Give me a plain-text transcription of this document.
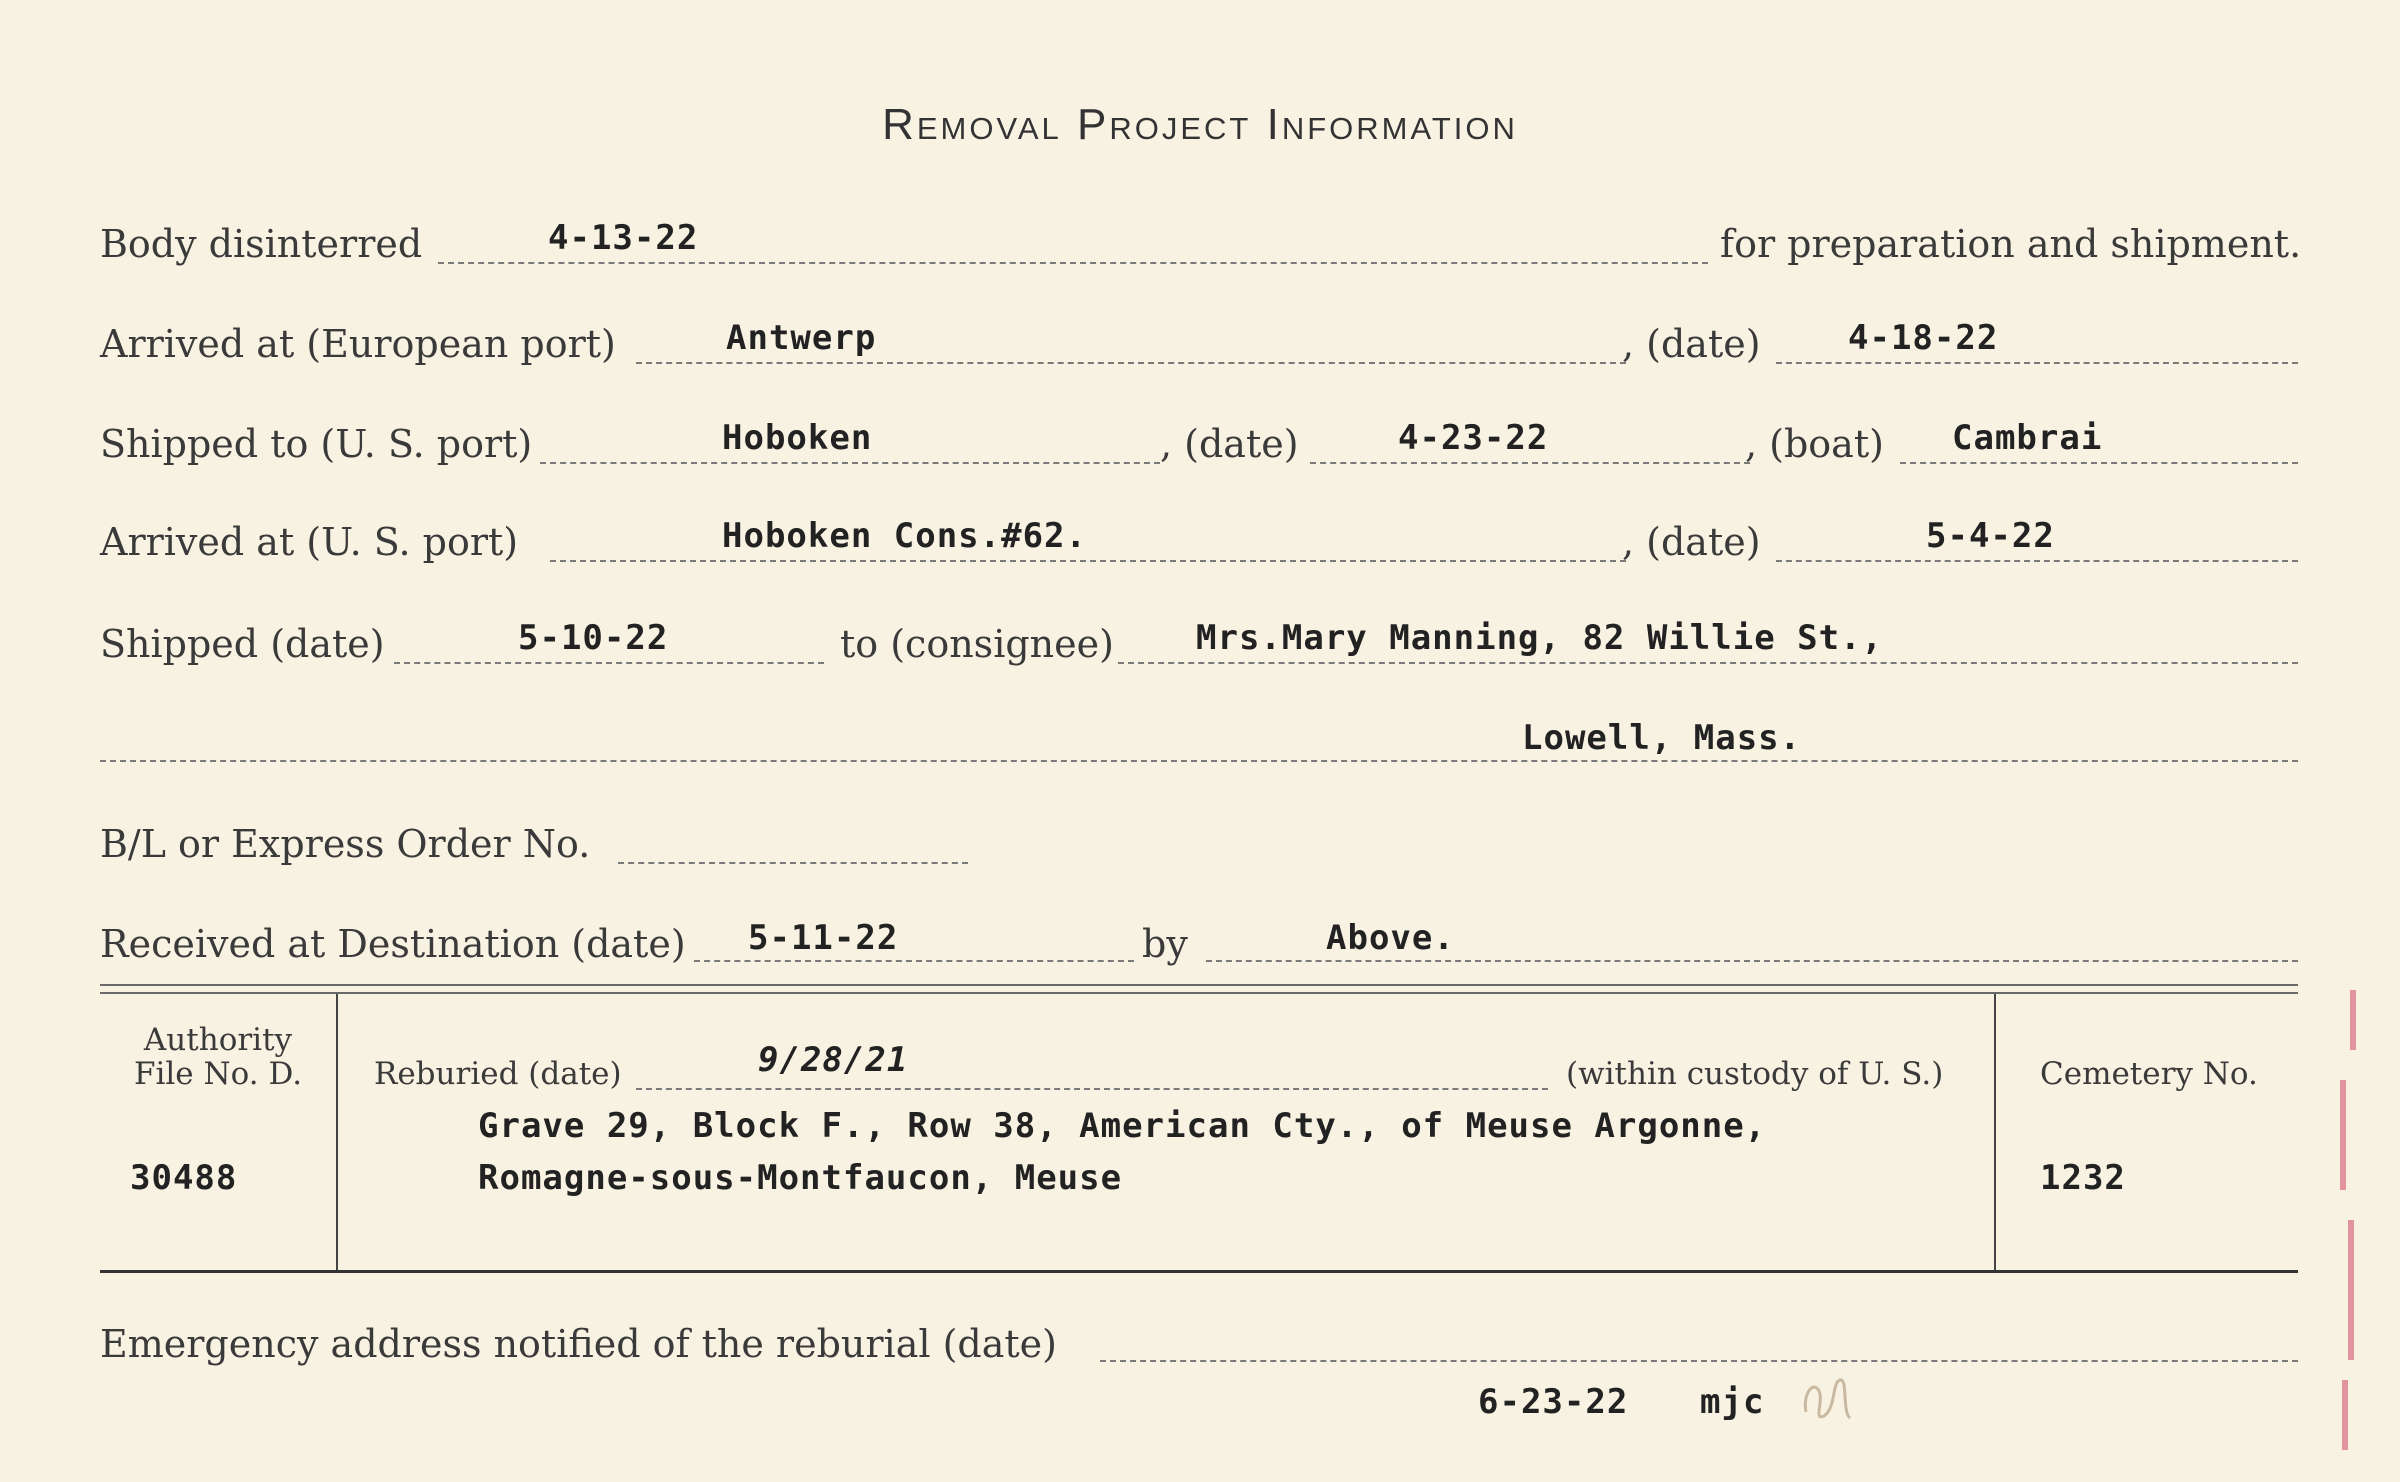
Removal Project Information
Body disinterred	4-13-22	for preparation and shipment.
Arrived at (European port)	Antwerp	, (date)	4-18-22
Shipped to (U. S. port)	Hoboken	, (date)	4-23-22	, (boat) Cambrai
Arrived at (U. S. port)	Hoboken Cons.#62.	, (date)	5-4-22
Shipped (date)	5-10-22	to (consignee) Mrs.Mary Manning, 82 Willie St.,
Lowell, Mass.
B/L or Express Order No.
Received at Destination (date) 5-11-22	by	Above.
Authority
File No. D.
30488
Reburied (date)	9/28/21	(within custody of U. S.)
Grave 29, Block F., Row 38, American Cty., of Meuse Argonne,
Romagne-sous-Montfaucon, Meuse
Cemetery No.
1232
Emergency address notified of the reburial (date)
6-23-22 mjc
